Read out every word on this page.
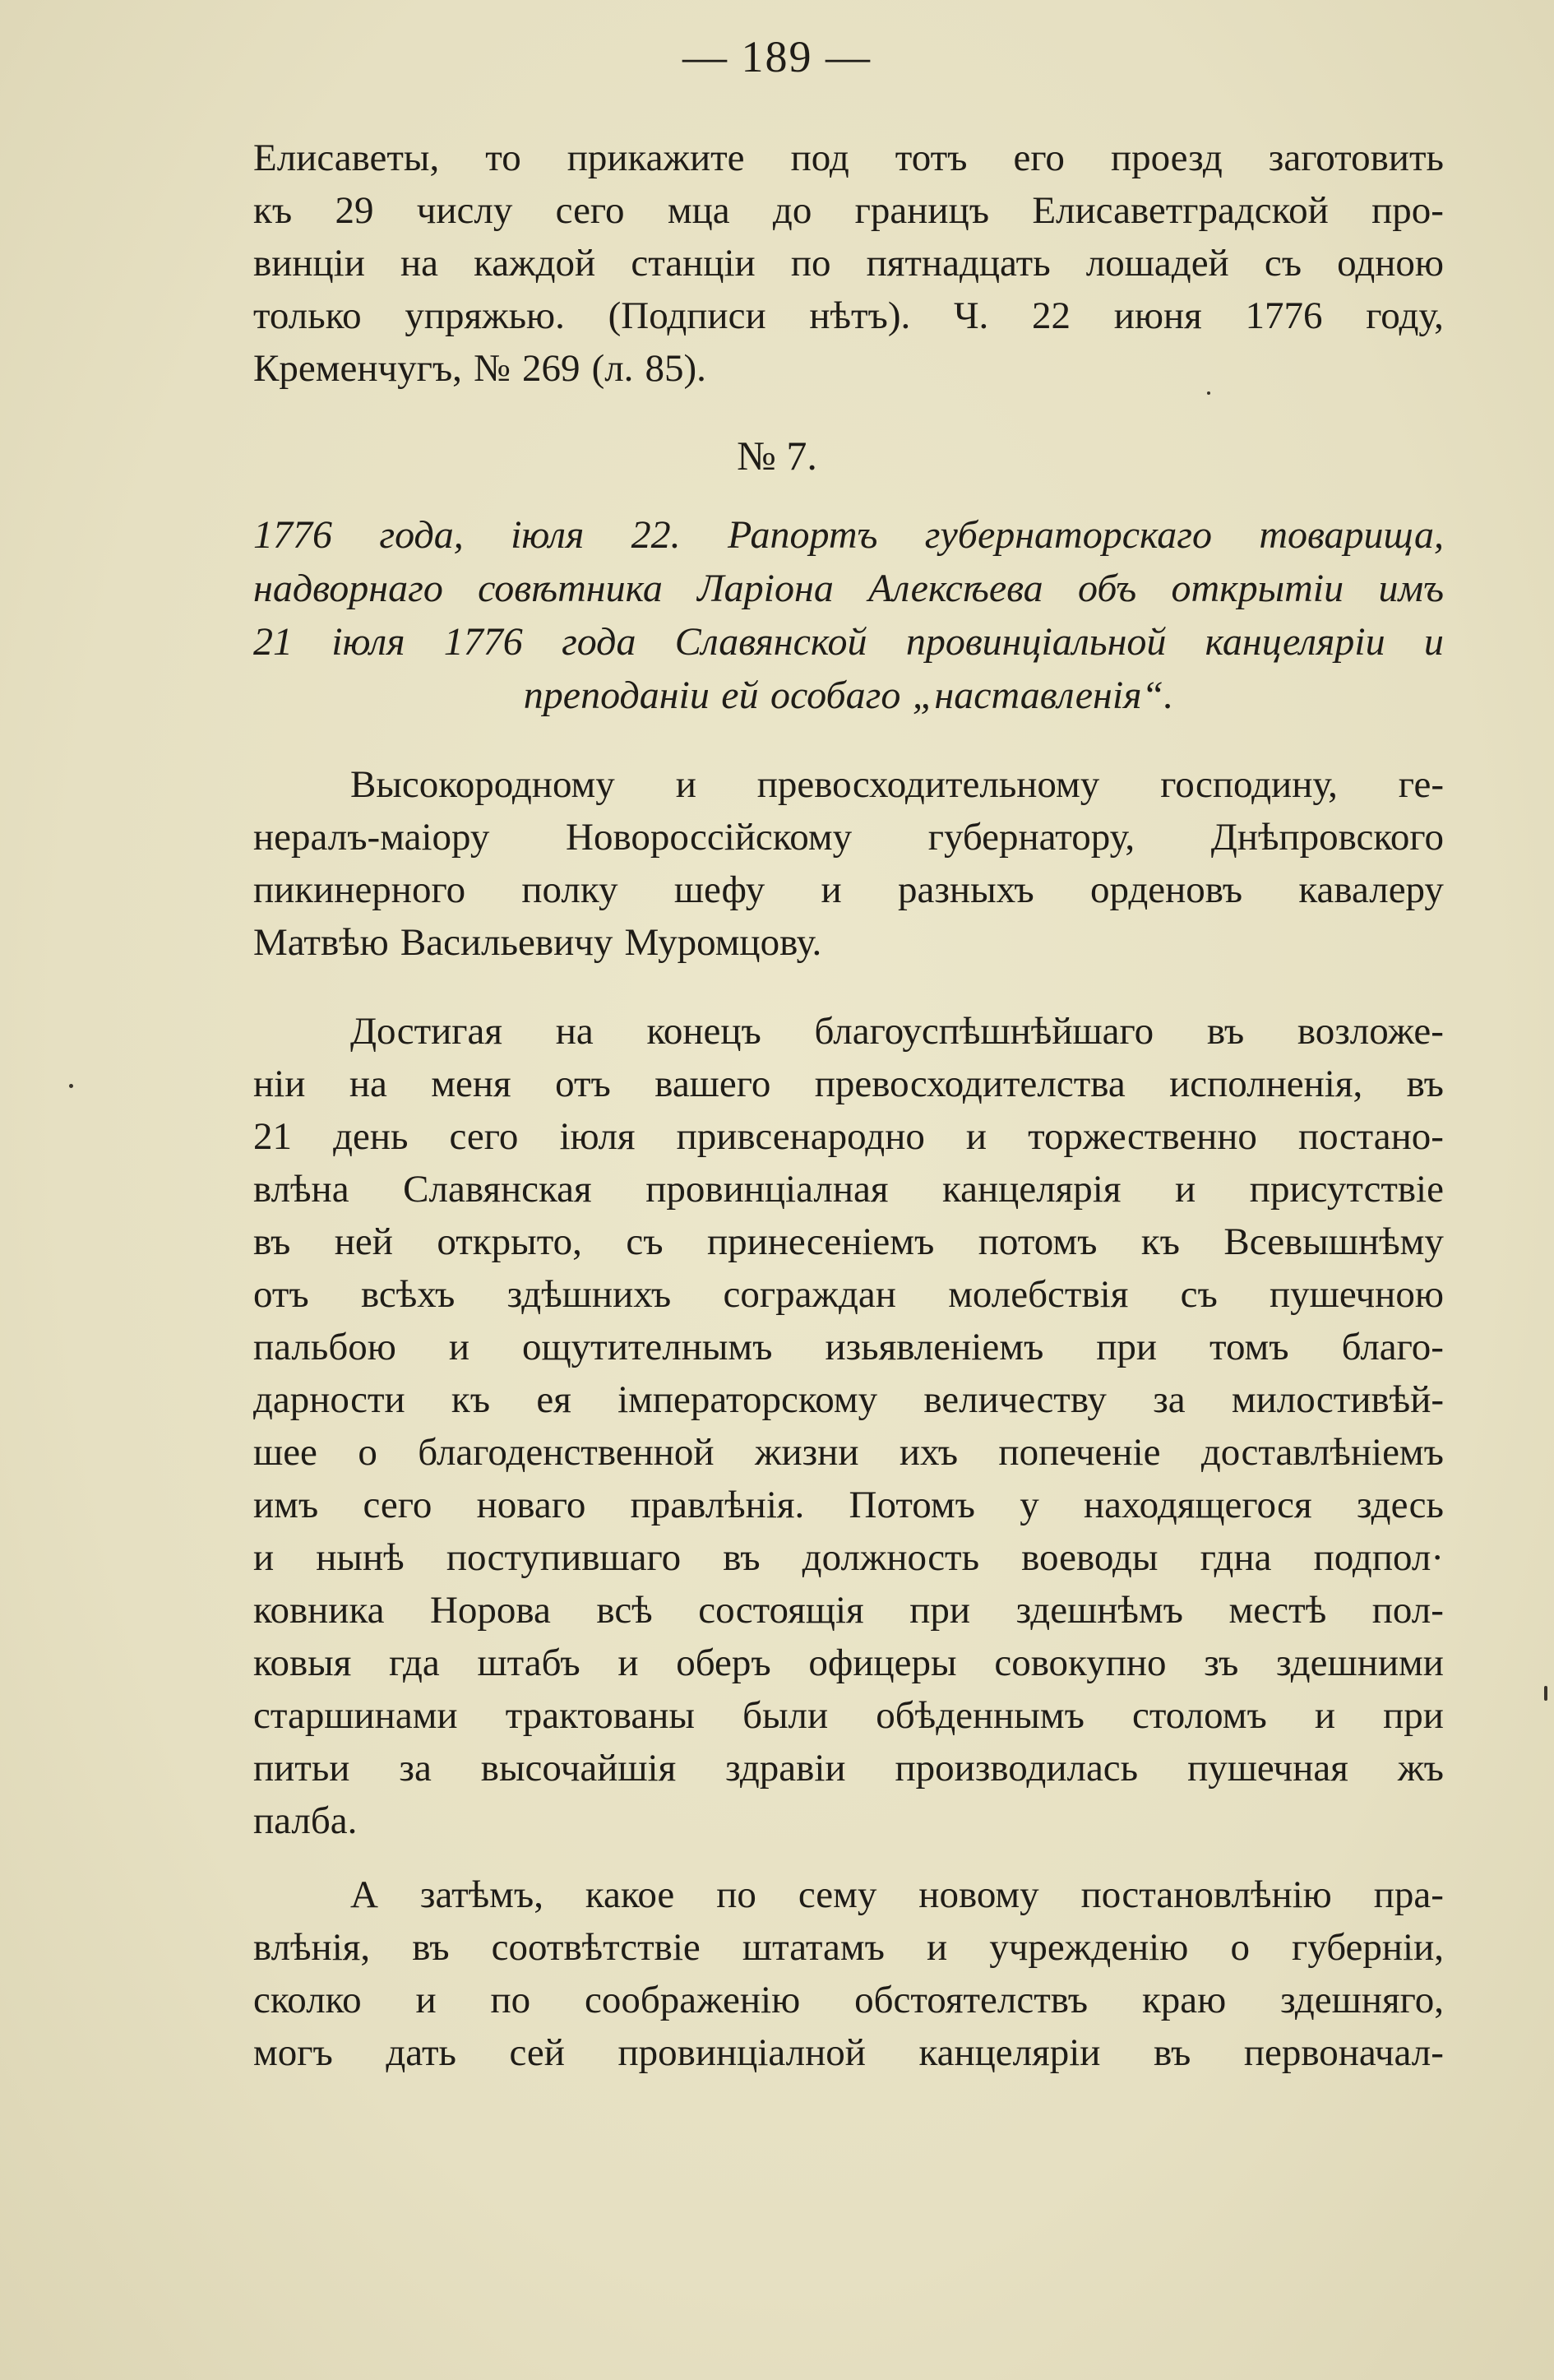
— 189 —
Елисаветы, то прикажите под тотъ его проезд заготовить
къ 29 числу сего мца до границъ Елисаветградской про-
винціи на каждой станціи по пятнадцать лошадей съ одною
только упряжью. (Подписи нѣтъ). Ч. 22 июня 1776 году,
Кременчугъ, № 269 (л. 85).
№ 7.
1776 года, іюля 22. Рапортъ губернаторскаго товарища,
надворнаго совѣтника Ларіона Алексѣева объ открытіи имъ
21 іюля 1776 года Славянской провинціальной канцеляріи и
преподаніи ей особаго „наставленія“.
Высокородному и превосходительному господину, ге-
нералъ-маіору Новороссійскому губернатору, Днѣпровского
пикинерного полку шефу и разныхъ орденовъ кавалеру
Матвѣю Васильевичу Муромцову.
Достигая на конецъ благоуспѣшнѣйшаго въ возложе-
ніи на меня отъ вашего превосходителства исполненія, въ
21 день сего іюля привсенародно и торжественно постано-
влѣна Славянская провинціалная канцелярія и присутствіе
въ ней открыто, съ принесеніемъ потомъ къ Всевышнѣму
отъ всѣхъ здѣшнихъ сограждан молебствія съ пушечною
пальбою и ощутителнымъ изьявленіемъ при томъ благо-
дарности къ ея імператорскому величеству за милостивѣй-
шее о благоденственной жизни ихъ попеченіе доставлѣніемъ
имъ сего новаго правлѣнія. Потомъ у находящегося здесь
и нынѣ поступившаго въ должность воеводы гдна подпол·
ковника Норова всѣ состоящія при здешнѣмъ местѣ пол-
ковыя гда штабъ и оберъ офицеры совокупно зъ здешними
старшинами трактованы были обѣденнымъ столомъ и при
питьи за высочайшія здравіи производилась пушечная жъ
палба.
А затѣмъ, какое по сему новому постановлѣнію пра-
влѣнія, въ соотвѣтствіе штатамъ и учрежденію о губерніи,
сколко и по соображенію обстоятелствъ краю здешняго,
могъ дать сей провинціалной канцеляріи въ первоначал-
